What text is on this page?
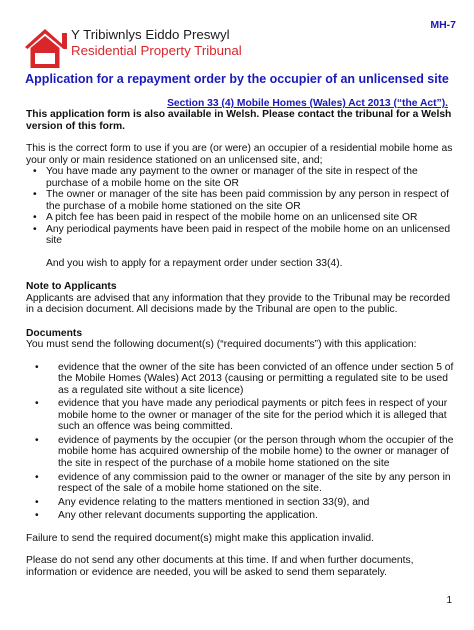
MH-7
Y Tribiwnlys Eiddo Preswyl
Residential Property Tribunal
Application for a repayment order by the occupier of an unlicensed site
Section 33 (4) Mobile Homes (Wales) Act 2013 (“the Act”).

This application form is also available in Welsh. Please contact the tribunal for a Welsh version of this form.

This is the correct form to use if you are (or were) an occupier of a residential mobile home as your only or main residence stationed on an unlicensed site, and;

• You have made any payment to the owner or manager of the site in respect of the purchase of a mobile home on the site OR
• The owner or manager of the site has been paid commission by any person in respect of the purchase of a mobile home stationed on the site OR
• A pitch fee has been paid in respect of the mobile home on an unlicensed site OR
• Any periodical payments have been paid in respect of the mobile home on an unlicensed site

And you wish to apply for a repayment order under section 33(4).

Note to Applicants

Applicants are advised that any information that they provide to the Tribunal may be recorded in a decision document. All decisions made by the Tribunal are open to the public.

Documents

You must send the following document(s) (“required documents”) with this application:

• evidence that the owner of the site has been convicted of an offence under section 5 of the Mobile Homes (Wales) Act 2013 (causing or permitting a regulated site to be used as a regulated site without a site licence)
• evidence that you have made any periodical payments or pitch fees in respect of your mobile home to the owner or manager of the site for the period which it is alleged that such an offence was being committed.
• evidence of payments by the occupier (or the person through whom the occupier of the mobile home has acquired ownership of the mobile home) to the owner or manager of the site in respect of the purchase of a mobile home stationed on the site
• evidence of any commission paid to the owner or manager of the site by any person in respect of the sale of a mobile home stationed on the site.
• Any evidence relating to the matters mentioned in section 33(9), and
• Any other relevant documents supporting the application.

Failure to send the required document(s) might make this application invalid.

Please do not send any other documents at this time. If and when further documents, information or evidence are needed, you will be asked to send them separately.

1
